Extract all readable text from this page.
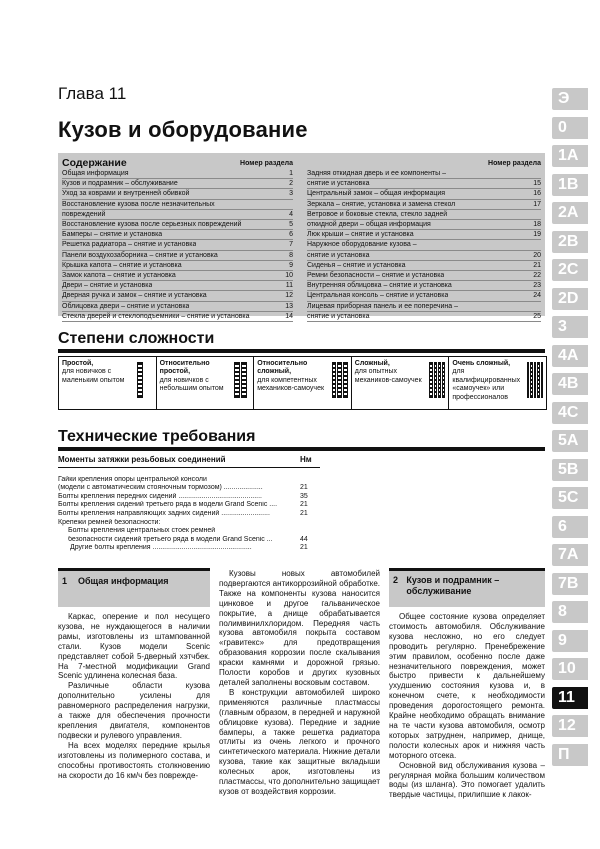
Глава 11
Кузов и оборудование
Содержание	Номер раздела
Общая информация	1
Кузов и подрамник – обслуживание	2
Уход за коврами и внутренней обивкой	3
Восстановление кузова после незначительных
повреждений	4
Восстановление кузова после серьезных повреждений	5
Бамперы – снятие и установка	6
Решетка радиатора – снятие и установка	7
Панели воздухозаборника – снятие и установка	8
Крышка капота – снятие и установка	9
Замок капота – снятие и установка	10
Двери – снятие и установка	11
Дверная ручка и замок – снятие и установка	12
Облицовка двери – снятие и установка	13
Стекла дверей и стеклоподъемники – снятие и установка	14
Номер раздела
Задняя откидная дверь и ее компоненты –
снятие и установка	15
Центральный замок – общая информация	16
Зеркала – снятие, установка и замена стекол	17
Ветровое и боковые стекла, стекло задней
откидной двери – общая информация	18
Люк крыши – снятие и установка	19
Наружное оборудование кузова –
снятие и установка	20
Сиденья – снятие и установка	21
Ремни безопасности – снятие и установка	22
Внутренняя облицовка – снятие и установка	23
Центральная консоль – снятие и установка	24
Лицевая приборная панель и ее поперечина –
снятие и установка	25
Степени сложности
Простой,
для новичков с маленьким опытом
Относительно простой,
для новичков с небольшим опытом
Относительно сложный,
для компетентных механиков-самоучек
Сложный,
для опытных механиков-самоучек
Очень сложный,
для квалифицированных «самоучек» или профессионалов
Технические требования
Моменты затяжки резьбовых соединений	Нм
Гайки крепления опоры центральной консоли
(модели с автоматическим стояночным тормозом) ....................	21
Болты крепления передних сидений ...........................................	35
Болты крепления сидений третьего ряда в модели Grand Scenic ....	21
Болты крепления направляющих задних сидений .........................	21
Крепежи ремней безопасности:
Болты крепления центральных стоек ремней
безопасности сидений третьего ряда в модели Grand Scenic ...	44
Другие болты крепления ...................................................	21
1	Общая информация

Каркас, оперение и пол несущего кузова, не нуждающегося в наличии рамы, изготовлены из штампованной стали. Кузов модели Scenic представляет собой 5-дверный хэтчбек. На 7-местной модификации Grand Scenic удлинена колесная база.

Различные области кузова дополнительно усилены для равномерного распределения нагрузки, а также для обеспечения прочности крепления двигателя, компонентов подвески и рулевого управления.

На всех моделях передние крылья изготовлены из полимерного состава, и способны противостоять столкновению на скорости до 16 км/ч без поврежде-

Кузовы новых автомобилей подвергаются антикоррозийной обработке. Также на компоненты кузова наносится цинковое и другое гальваническое покрытие, а днище обрабатывается полимвинилхлоридом. Передняя часть кузова автомобиля покрыта составом «гравитекс» для предотвращения образования коррозии после скалывания краски камнями и дорожной грязью. Полости коробов и других кузовных деталей заполнены восковым составом.

В конструкции автомобилей широко применяются различные пластмассы (главным образом, в передней и наружной облицовке кузова). Передние и задние бамперы, а также решетка радиатора отлиты из очень легкого и прочного синтетического материала. Нижние детали кузова, такие как защитные вкладыши колесных арок, изготовлены из пластмассы, что дополнительно защищает кузов от воздействия коррозии.

2 Кузов и подрамник – обслуживание

Общее состояние кузова определяет стоимость автомобиля. Обслуживание кузова несложно, но его следует проводить регулярно. Пренебрежение этим правилом, особенно после даже незначительного повреждения, может быстро привести к дальнейшему ухудшению состояния кузова и, в конечном счете, к необходимости проведения дорогостоящего ремонта. Крайне необходимо обращать внимание на те части кузова автомобиля, осмотр которых затруднен, например, днище, полости колесных арок и нижняя часть моторного отсека.

Основной вид обслуживания кузова – регулярная мойка большим количеством воды (из шланга). Это помогает удалить твердые частицы, прилипшие к лакок-

Э
0
1A
1B
2A
2B
2C
2D
3
4A
4B
4C
5A
5B
5C
6
7A
7B
8
9
10
11
12
П
